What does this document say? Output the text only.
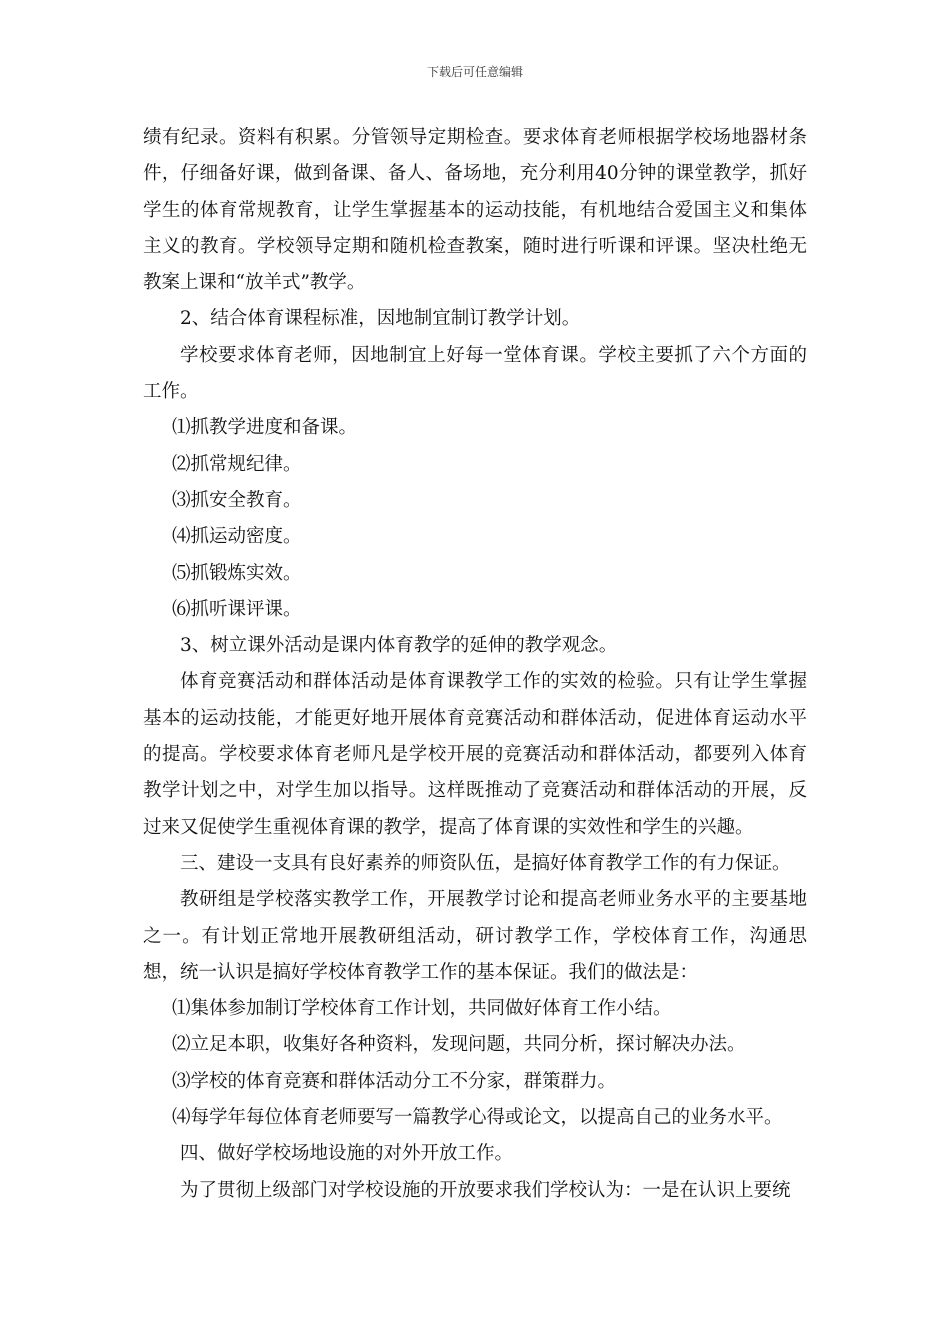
下载后可任意编辑

绩有纪录。资料有积累。分管领导定期检查。要求体育老师根据学校场地器材条件，仔细备好课，做到备课、备人、备场地，充分利用40分钟的课堂教学，抓好学生的体育常规教育，让学生掌握基本的运动技能，有机地结合爱国主义和集体主义的教育。学校领导定期和随机检查教案，随时进行听课和评课。坚决杜绝无教案上课和“放羊式”教学。

2、结合体育课程标准，因地制宜制订教学计划。

学校要求体育老师，因地制宜上好每一堂体育课。学校主要抓了六个方面的工作。

⑴抓教学进度和备课。

⑵抓常规纪律。

⑶抓安全教育。

⑷抓运动密度。

⑸抓锻炼实效。

⑹抓听课评课。

3、树立课外活动是课内体育教学的延伸的教学观念。

体育竞赛活动和群体活动是体育课教学工作的实效的检验。只有让学生掌握基本的运动技能，才能更好地开展体育竞赛活动和群体活动，促进体育运动水平的提高。学校要求体育老师凡是学校开展的竞赛活动和群体活动，都要列入体育教学计划之中，对学生加以指导。这样既推动了竞赛活动和群体活动的开展，反过来又促使学生重视体育课的教学，提高了体育课的实效性和学生的兴趣。

三、建设一支具有良好素养的师资队伍，是搞好体育教学工作的有力保证。

教研组是学校落实教学工作，开展教学讨论和提高老师业务水平的主要基地之一。有计划正常地开展教研组活动，研讨教学工作，学校体育工作，沟通思想，统一认识是搞好学校体育教学工作的基本保证。我们的做法是：

⑴集体参加制订学校体育工作计划，共同做好体育工作小结。

⑵立足本职，收集好各种资料，发现问题，共同分析，探讨解决办法。

⑶学校的体育竞赛和群体活动分工不分家，群策群力。

⑷每学年每位体育老师要写一篇教学心得或论文，以提高自己的业务水平。

四、做好学校场地设施的对外开放工作。

为了贯彻上级部门对学校设施的开放要求我们学校认为：一是在认识上要统
